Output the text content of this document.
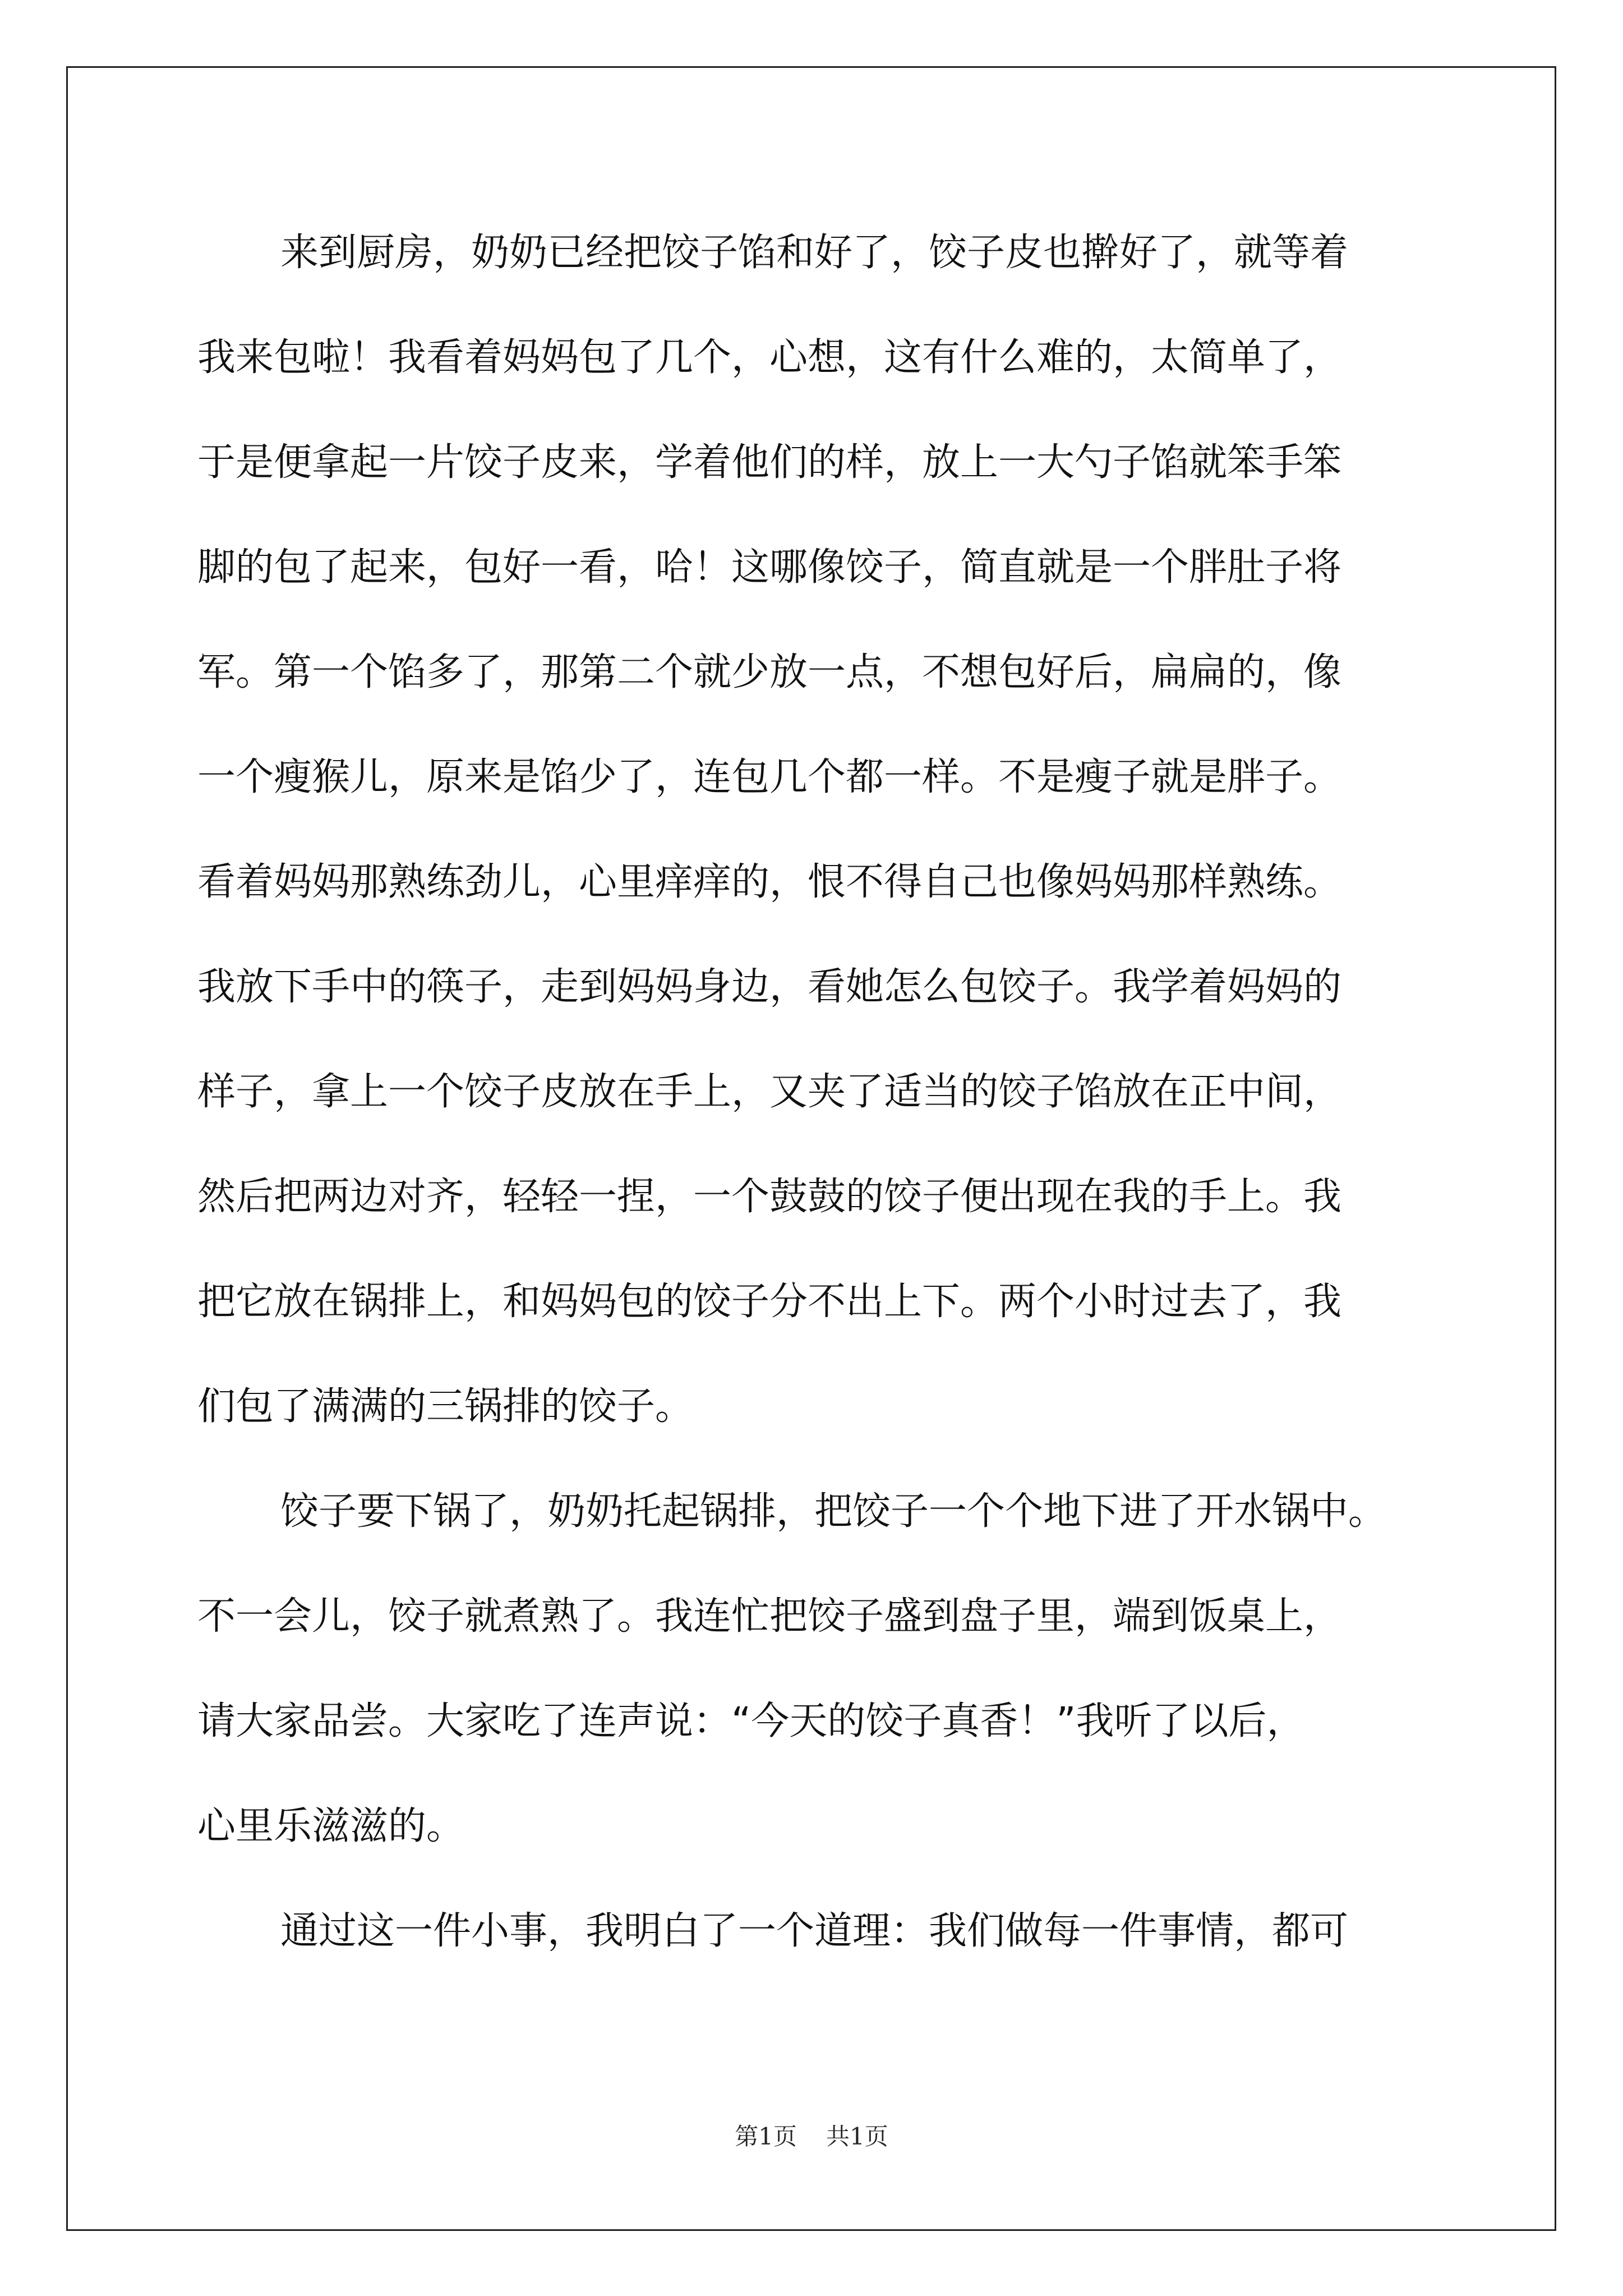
来到厨房，奶奶已经把饺子馅和好了，饺子皮也擀好了，就等着
我来包啦！我看着妈妈包了几个，心想，这有什么难的，太简单了，
于是便拿起一片饺子皮来，学着他们的样，放上一大勺子馅就笨手笨
脚的包了起来，包好一看，哈！这哪像饺子，简直就是一个胖肚子将
军。第一个馅多了，那第二个就少放一点，不想包好后，扁扁的，像
一个瘦猴儿，原来是馅少了，连包几个都一样。不是瘦子就是胖子。
看着妈妈那熟练劲儿，心里痒痒的，恨不得自己也像妈妈那样熟练。
我放下手中的筷子，走到妈妈身边，看她怎么包饺子。我学着妈妈的
样子，拿上一个饺子皮放在手上，又夹了适当的饺子馅放在正中间，
然后把两边对齐，轻轻一捏，一个鼓鼓的饺子便出现在我的手上。我
把它放在锅排上，和妈妈包的饺子分不出上下。两个小时过去了，我
们包了满满的三锅排的饺子。
饺子要下锅了，奶奶托起锅排，把饺子一个个地下进了开水锅中。
不一会儿，饺子就煮熟了。我连忙把饺子盛到盘子里，端到饭桌上，
请大家品尝。大家吃了连声说：“今天的饺子真香！”我听了以后，
心里乐滋滋的。
通过这一件小事，我明白了一个道理：我们做每一件事情，都可
第1页 共1页
